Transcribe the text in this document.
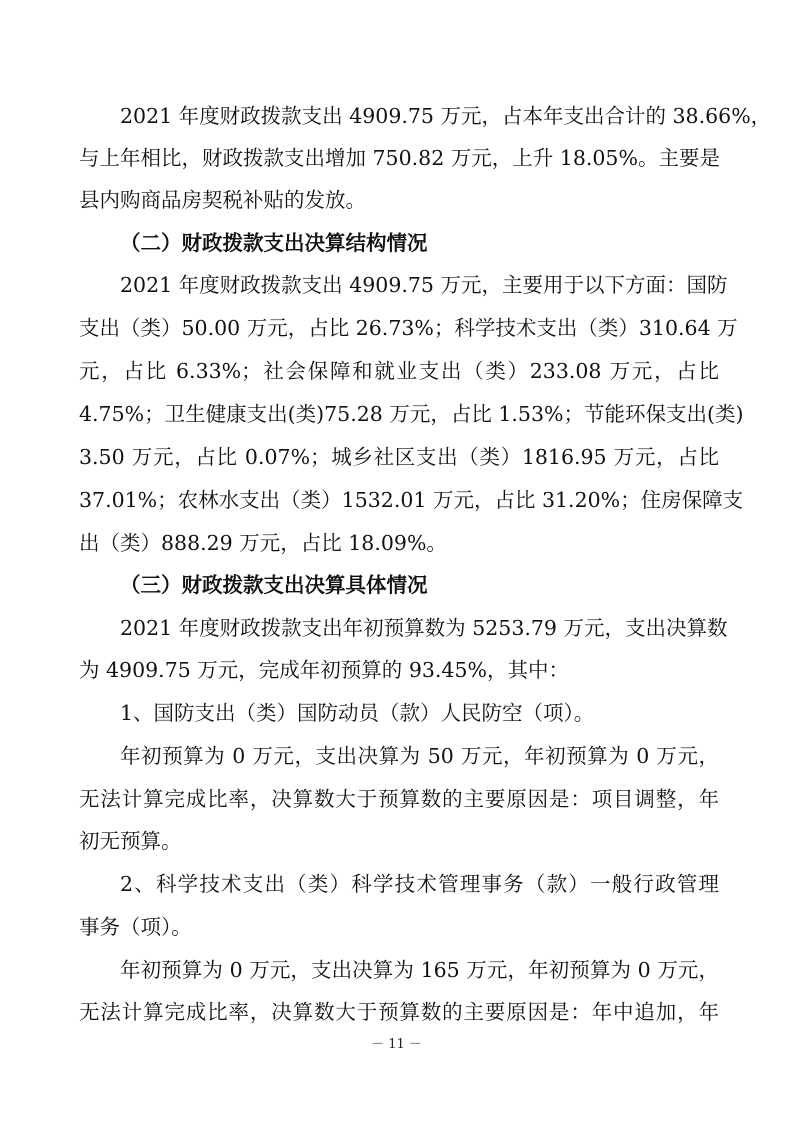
2021 年度财政拨款支出 4909.75 万元，占本年支出合计的 38.66%，
与上年相比，财政拨款支出增加 750.82 万元，上升 18.05%。主要是
县内购商品房契税补贴的发放。
（二）财政拨款支出决算结构情况
2021 年度财政拨款支出 4909.75 万元，主要用于以下方面：国防
支出（类）50.00 万元，占比 26.73%；科学技术支出（类）310.64 万
元，占比 6.33%；社会保障和就业支出（类）233.08 万元，占比
4.75%；卫生健康支出(类)75.28 万元，占比 1.53%；节能环保支出(类)
3.50 万元，占比 0.07%；城乡社区支出（类）1816.95 万元，占比
37.01%；农林水支出（类）1532.01 万元，占比 31.20%；住房保障支
出（类）888.29 万元，占比 18.09%。
（三）财政拨款支出决算具体情况
2021 年度财政拨款支出年初预算数为 5253.79 万元，支出决算数
为 4909.75 万元，完成年初预算的 93.45%，其中：
1、国防支出（类）国防动员（款）人民防空（项）。
年初预算为 0 万元，支出决算为 50 万元，年初预算为 0 万元，
无法计算完成比率，决算数大于预算数的主要原因是：项目调整，年
初无预算。
2、科学技术支出（类）科学技术管理事务（款）一般行政管理
事务（项）。
年初预算为 0 万元，支出决算为 165 万元，年初预算为 0 万元，
无法计算完成比率，决算数大于预算数的主要原因是：年中追加，年
－ 11 －
